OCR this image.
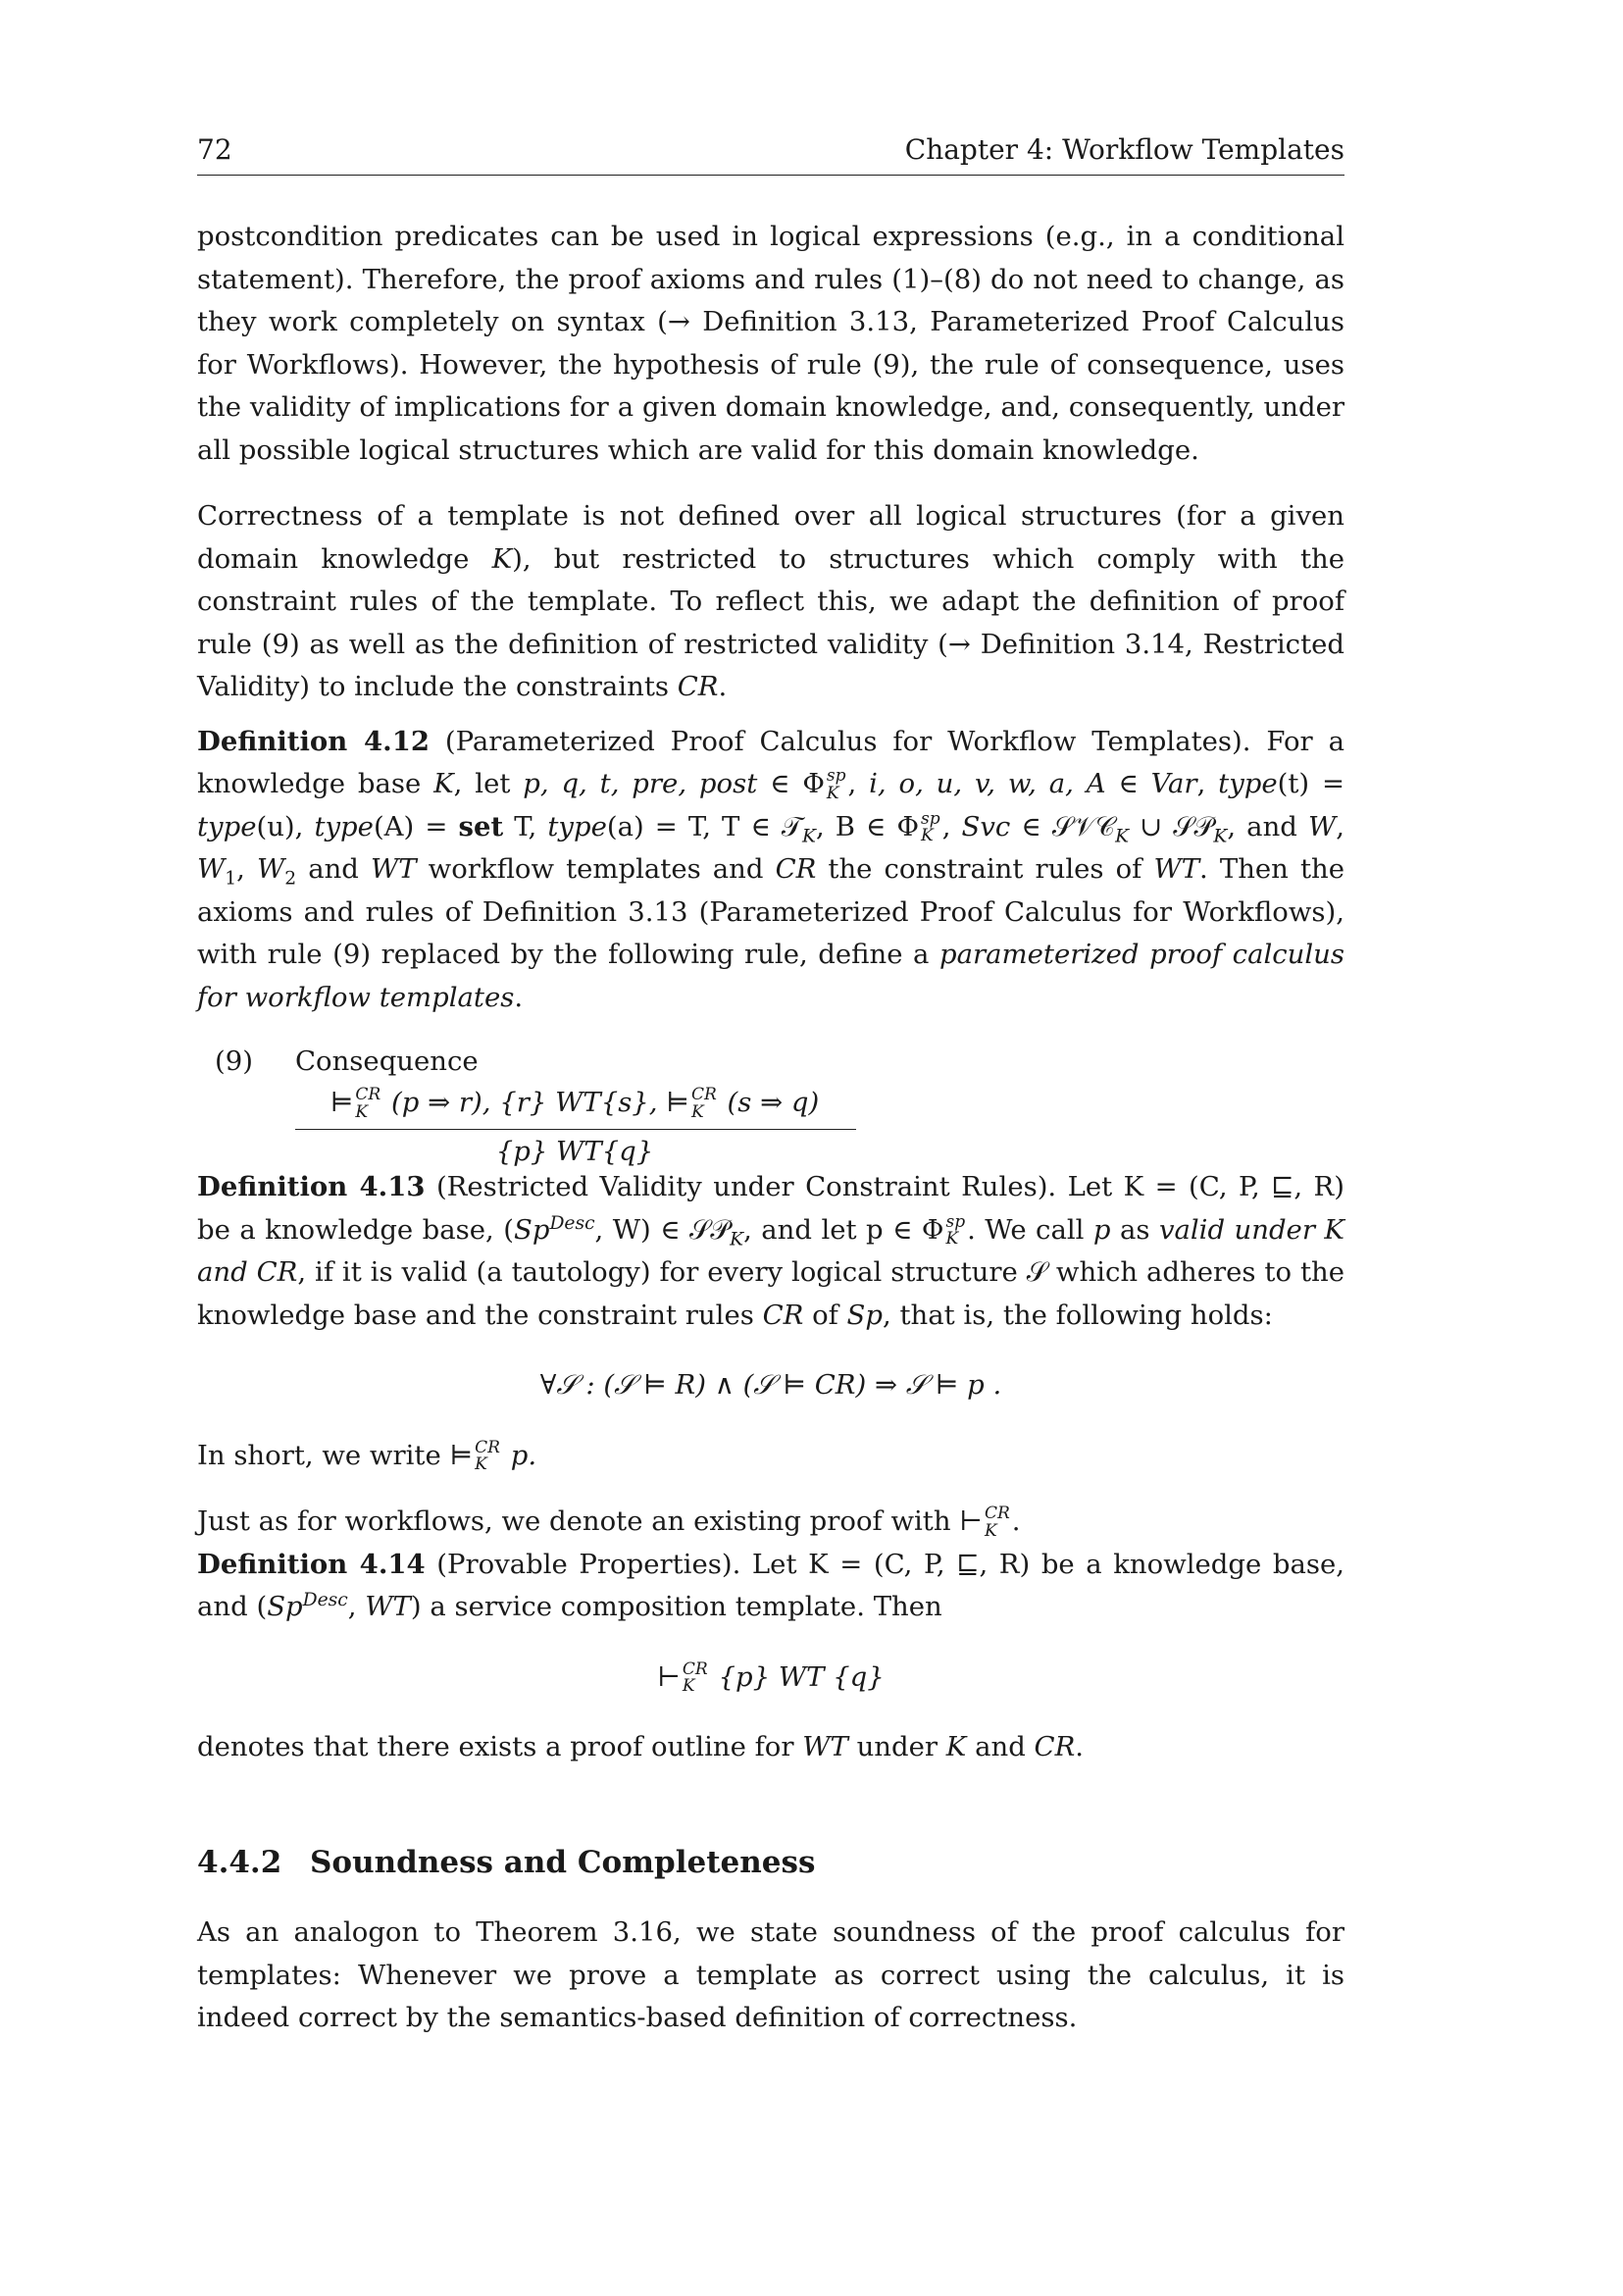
72	Chapter 4: Workflow Templates

postcondition predicates can be used in logical expressions (e.g., in a conditional statement). Therefore, the proof axioms and rules (1)–(8) do not need to change, as they work completely on syntax (→ Definition 3.13, Parameterized Proof Calculus for Workflows). However, the hypothesis of rule (9), the rule of consequence, uses the validity of implications for a given domain knowledge, and, consequently, under all possible logical structures which are valid for this domain knowledge.

Correctness of a template is not defined over all logical structures (for a given domain knowledge K), but restricted to structures which comply with the constraint rules of the template. To reflect this, we adapt the definition of proof rule (9) as well as the definition of restricted validity (→ Definition 3.14, Restricted Validity) to include the constraints CR.

Definition 4.12 (Parameterized Proof Calculus for Workflow Templates). For a knowledge base K, let p, q, t, pre, post ∈ Φ sp
K , i, o, u, v, w, a, A ∈ Var, type(t) = type(u), type(A) = set T, type(a) = T, T ∈ 𝒯$_K$, B ∈ Φ sp
K , Svc ∈ 𝒮𝒱𝒞$_K$ ∪ 𝒮𝒫$_K$, and W, $W_1$, $W_2$ and WT workflow templates and CR the constraint rules of WT. Then the axioms and rules of Definition 3.13 (Parameterized Proof Calculus for Workflows), with rule (9) replaced by the following rule, define a parameterized proof calculus for workflow templates.

(9) Consequence
⊨ CR
K (p ⇒ r), {r} WT{s}, ⊨ CR
K (s ⇒ q)
{p} WT{q}

Definition 4.13 (Restricted Validity under Constraint Rules). Let K = (C, P, ⊑, R) be a knowledge base, ($Sp^{Desc}$, W) ∈ 𝒮𝒫$_K$, and let p ∈ Φ sp
K . We call p as valid under K and CR, if it is valid (a tautology) for every logical structure 𝒮 which adheres to the knowledge base and the constraint rules CR of Sp, that is, the following holds:

∀𝒮 : (𝒮 ⊨ R) ∧ (𝒮 ⊨ CR) ⇒ 𝒮 ⊨ p .

In short, we write ⊨ CR
K p.

Just as for workflows, we denote an existing proof with ⊢ CR
K .

Definition 4.14 (Provable Properties). Let K = (C, P, ⊑, R) be a knowledge base, and ($Sp^{Desc}$, WT) a service composition template. Then

⊢ CR
K {p} WT {q}

denotes that there exists a proof outline for WT under K and CR.

4.4.2 Soundness and Completeness

As an analogon to Theorem 3.16, we state soundness of the proof calculus for templates: Whenever we prove a template as correct using the calculus, it is indeed correct by the semantics-based definition of correctness.
